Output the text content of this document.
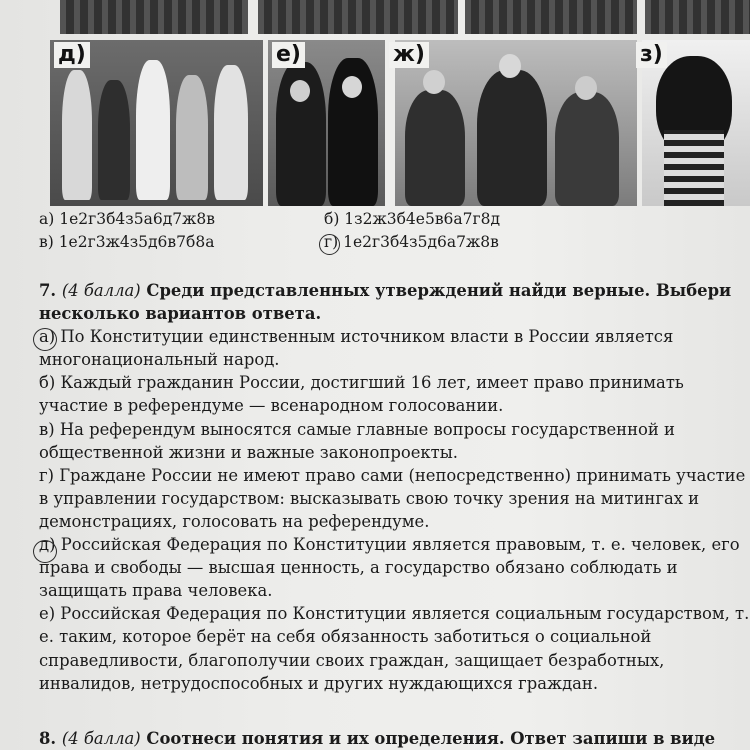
д)	е)	ж)	з)
а) 1е2г3б4з5а6д7ж8в	б) 1з2ж3б4е5в6а7г8д
в) 1е2г3ж4з5д6в7б8а	г) 1е2г3б4з5д6а7ж8в
7. (4 балла) Среди представленных утверждений найди верные. Выбери несколько вариантов ответа.
а) По Конституции единственным источником власти в России является многонациональный народ.
б) Каждый гражданин России, достигший 16 лет, имеет право принимать участие в референдуме — всенародном голосовании.
в) На референдум выносятся самые главные вопросы государственной и общественной жизни и важные законопроекты.
г) Граждане России не имеют право сами (непосредственно) принимать участие в управлении государством: высказывать свою точку зрения на митингах и демонстрациях, голосовать на референдуме.
д) Российская Федерация по Конституции является правовым, т. е. человек, его права и свободы — высшая ценность, а государство обязано соблюдать и защищать права человека.
е) Российская Федерация по Конституции является социальным государством, т. е. таким, которое берёт на себя обязанность заботиться о социальной справедливости, благополучии своих граждан, защищает безработных, инвалидов, нетрудоспособных и других нуждающихся граждан.
8. (4 балла) Соотнеси понятия и их определения. Ответ запиши в виде
